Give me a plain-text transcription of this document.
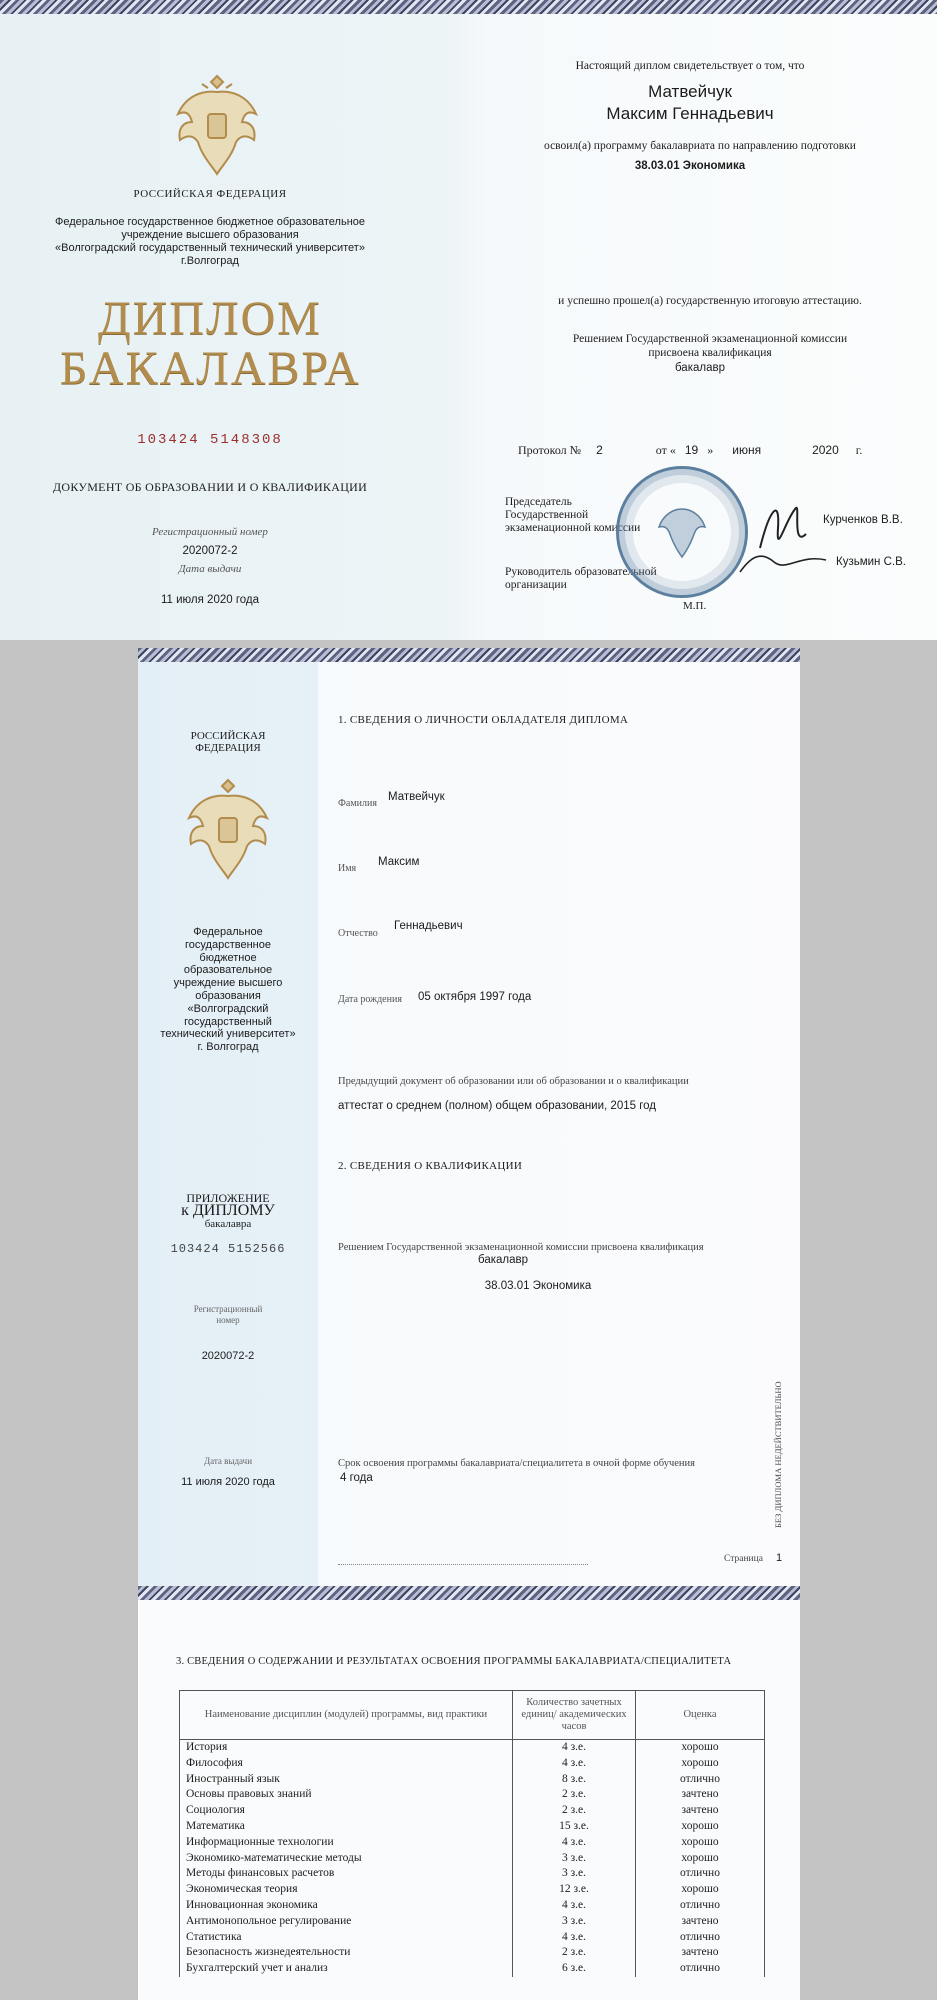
РОССИЙСКАЯ ФЕДЕРАЦИЯ
Федеральное государственное бюджетное образовательное
учреждение высшего образования
«Волгоградский государственный технический университет»
г.Волгоград
ДИПЛОМ
БАКАЛАВРА
103424 5148308
ДОКУМЕНТ ОБ ОБРАЗОВАНИИ И О КВАЛИФИКАЦИИ
Регистрационный номер
2020072-2
Дата выдачи
11 июля 2020 года
Настоящий диплом свидетельствует о том, что
Матвейчук
Максим Геннадьевич
освоил(а) программу бакалавриата по направлению подготовки
38.03.01 Экономика
и успешно прошел(а) государственную итоговую аттестацию.
Решением Государственной экзаменационной комиссии
присвоена квалификация
бакалавр
Протокол № 2	от « 19 » июня	2020 г.
Председатель
Государственной
экзаменационной комиссии
Курченков В.В.
Руководитель образовательной
организации
Кузьмин С.В.
М.П.
РОССИЙСКАЯ
ФЕДЕРАЦИЯ
Федеральное
государственное
бюджетное
образовательное
учреждение высшего
образования
«Волгоградский
государственный
технический университет»
г. Волгоград
ПРИЛОЖЕНИЕ
к ДИПЛОМУ
бакалавра
103424 5152566
Регистрационный
номер
2020072-2
Дата выдачи
11 июля 2020 года
1. СВЕДЕНИЯ О ЛИЧНОСТИ ОБЛАДАТЕЛЯ ДИПЛОМА
Фамилия
Матвейчук
Имя
Максим
Отчество
Геннадьевич
Дата рождения 05 октября 1997 года
Предыдущий документ об образовании или об образовании и о квалификации
аттестат о среднем (полном) общем образовании, 2015 год
2. СВЕДЕНИЯ О КВАЛИФИКАЦИИ
Решением Государственной экзаменационной комиссии присвоена квалификация
бакалавр
38.03.01 Экономика
Срок освоения программы бакалавриата/специалитета в очной форме обучения
4 года
Страница 1
БЕЗ ДИПЛОМА НЕДЕЙСТВИТЕЛЬНО
3. СВЕДЕНИЯ О СОДЕРЖАНИИ И РЕЗУЛЬТАТАХ ОСВОЕНИЯ ПРОГРАММЫ БАКАЛАВРИАТА/СПЕЦИАЛИТЕТА
Наименование дисциплин (модулей) программы, вид практики	Количество зачетных единиц/ академических часов	Оценка
История	4 з.е.	хорошо
Философия	4 з.е.	хорошо
Иностранный язык	8 з.е.	отлично
Основы правовых знаний	2 з.е.	зачтено
Социология	2 з.е.	зачтено
Математика	15 з.е.	хорошо
Информационные технологии	4 з.е.	хорошо
Экономико-математические методы	3 з.е.	хорошо
Методы финансовых расчетов	3 з.е.	отлично
Экономическая теория	12 з.е.	хорошо
Инновационная экономика	4 з.е.	отлично
Антимонопольное регулирование	3 з.е.	зачтено
Статистика	4 з.е.	отлично
Безопасность жизнедеятельности	2 з.е.	зачтено
Бухгалтерский учет и анализ	6 з.е.	отлично
